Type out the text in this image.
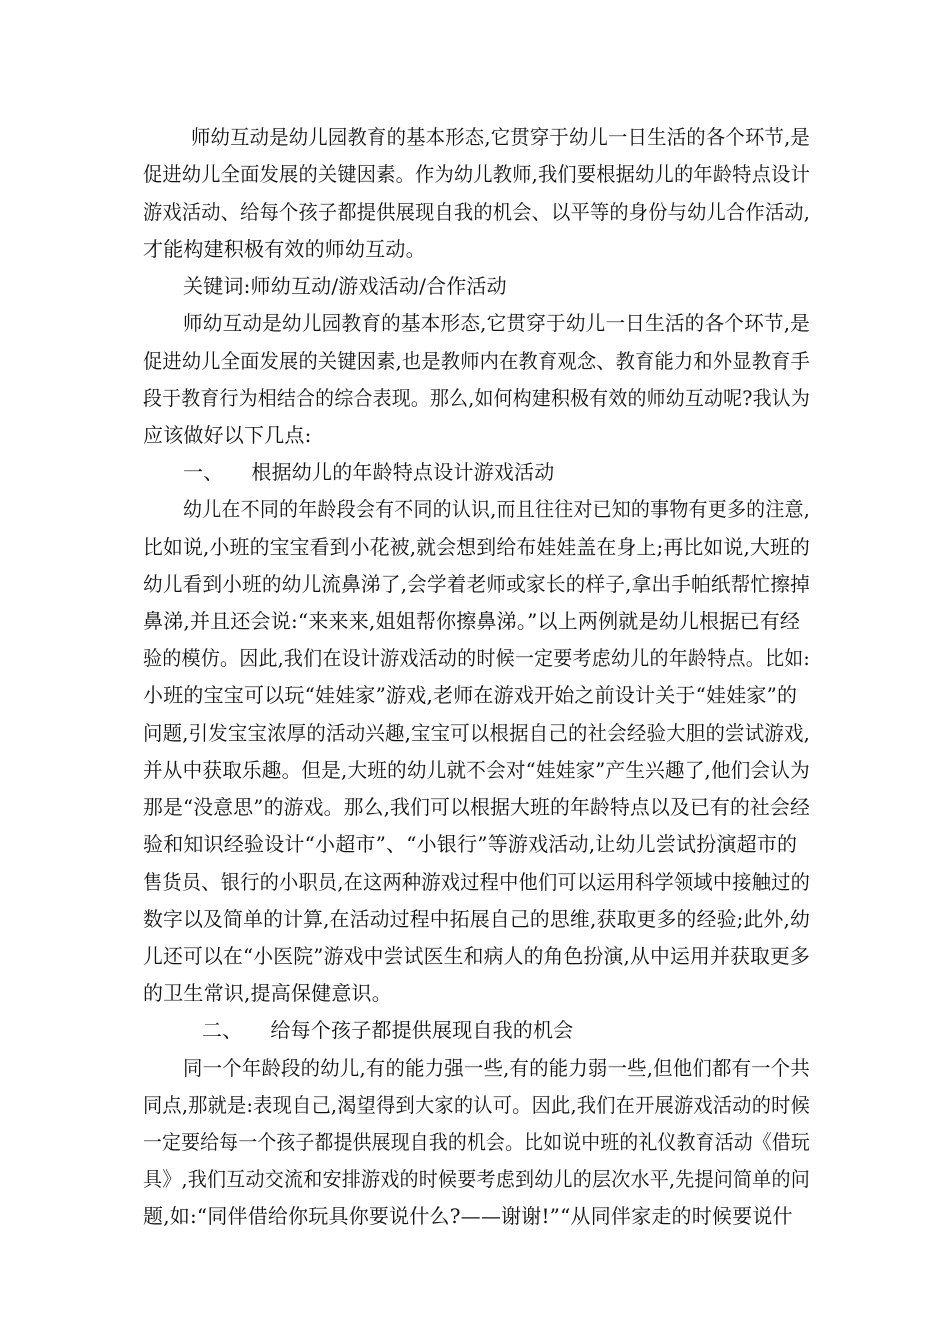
师幼互动是幼儿园教育的基本形态,它贯穿于幼儿一日生活的各个环节,是
促进幼儿全面发展的关键因素。作为幼儿教师,我们要根据幼儿的年龄特点设计
游戏活动、给每个孩子都提供展现自我的机会、以平等的身份与幼儿合作活动,
才能构建积极有效的师幼互动。
关键词:师幼互动/游戏活动/合作活动
师幼互动是幼儿园教育的基本形态,它贯穿于幼儿一日生活的各个环节,是
促进幼儿全面发展的关键因素,也是教师内在教育观念、教育能力和外显教育手
段于教育行为相结合的综合表现。那么,如何构建积极有效的师幼互动呢?我认为
应该做好以下几点:
一、 根据幼儿的年龄特点设计游戏活动
幼儿在不同的年龄段会有不同的认识,而且往往对已知的事物有更多的注意,
比如说,小班的宝宝看到小花被,就会想到给布娃娃盖在身上;再比如说,大班的
幼儿看到小班的幼儿流鼻涕了,会学着老师或家长的样子,拿出手帕纸帮忙擦掉
鼻涕,并且还会说:“来来来,姐姐帮你擦鼻涕。”以上两例就是幼儿根据已有经
验的模仿。因此,我们在设计游戏活动的时候一定要考虑幼儿的年龄特点。比如:
小班的宝宝可以玩“娃娃家”游戏,老师在游戏开始之前设计关于“娃娃家”的
问题,引发宝宝浓厚的活动兴趣,宝宝可以根据自己的社会经验大胆的尝试游戏,
并从中获取乐趣。但是,大班的幼儿就不会对“娃娃家”产生兴趣了,他们会认为
那是“没意思”的游戏。那么,我们可以根据大班的年龄特点以及已有的社会经
验和知识经验设计“小超市”、“小银行”等游戏活动,让幼儿尝试扮演超市的
售货员、银行的小职员,在这两种游戏过程中他们可以运用科学领域中接触过的
数字以及简单的计算,在活动过程中拓展自己的思维,获取更多的经验;此外,幼
儿还可以在“小医院”游戏中尝试医生和病人的角色扮演,从中运用并获取更多
的卫生常识,提高保健意识。
二、 给每个孩子都提供展现自我的机会
同一个年龄段的幼儿,有的能力强一些,有的能力弱一些,但他们都有一个共
同点,那就是:表现自己,渴望得到大家的认可。因此,我们在开展游戏活动的时候
一定要给每一个孩子都提供展现自我的机会。比如说中班的礼仪教育活动《借玩
具》,我们互动交流和安排游戏的时候要考虑到幼儿的层次水平,先提问简单的问
题,如:“同伴借给你玩具你要说什么?——谢谢!”“从同伴家走的时候要说什
